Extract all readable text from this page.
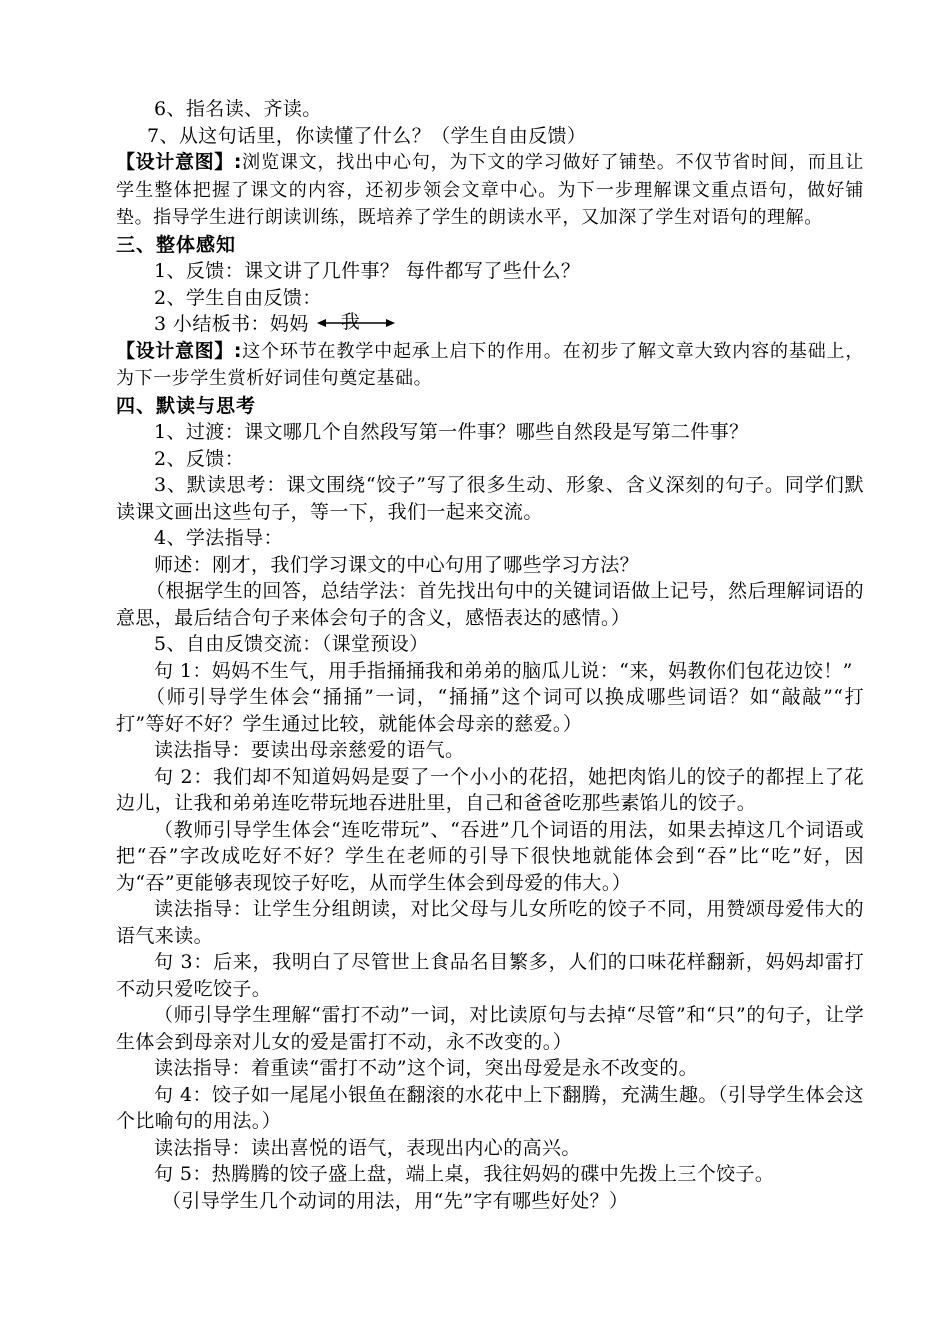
6、指名读、齐读。

7、从这句话里，你读懂了什么？（学生自由反馈）

【设计意图】:浏览课文，找出中心句，为下文的学习做好了铺垫。不仅节省时间，而且让学生整体把握了课文的内容，还初步领会文章中心。为下一步理解课文重点语句，做好铺垫。指导学生进行朗读训练，既培养了学生的朗读水平，又加深了学生对语句的理解。

三、整体感知

1、反馈：课文讲了几件事？ 每件都写了些什么？

2、学生自由反馈：

3 小结板书：妈妈 我

【设计意图】:这个环节在教学中起承上启下的作用。在初步了解文章大致内容的基础上，为下一步学生赏析好词佳句奠定基础。

四、默读与思考

1、过渡：课文哪几个自然段写第一件事？哪些自然段是写第二件事？

2、反馈：

3、默读思考：课文围绕“饺子”写了很多生动、形象、含义深刻的句子。同学们默读课文画出这些句子，等一下，我们一起来交流。

4、学法指导：

师述：刚才，我们学习课文的中心句用了哪些学习方法？

（根据学生的回答，总结学法：首先找出句中的关键词语做上记号，然后理解词语的意思，最后结合句子来体会句子的含义，感悟表达的感情。）

5、自由反馈交流：（课堂预设）

句 1：妈妈不生气，用手指捅捅我和弟弟的脑瓜儿说：“来，妈教你们包花边饺！”

（师引导学生体会“捅捅”一词，“捅捅”这个词可以换成哪些词语？如“敲敲”“打打”等好不好？学生通过比较，就能体会母亲的慈爱。）

读法指导：要读出母亲慈爱的语气。

句 2：我们却不知道妈妈是耍了一个小小的花招，她把肉馅儿的饺子的都捏上了花边儿，让我和弟弟连吃带玩地吞进肚里，自己和爸爸吃那些素馅儿的饺子。

（教师引导学生体会“连吃带玩”、“吞进”几个词语的用法，如果去掉这几个词语或把“吞”字改成吃好不好？学生在老师的引导下很快地就能体会到“吞”比“吃”好，因为“吞”更能够表现饺子好吃，从而学生体会到母爱的伟大。）

读法指导：让学生分组朗读，对比父母与儿女所吃的饺子不同，用赞颂母爱伟大的语气来读。

句 3：后来，我明白了尽管世上食品名目繁多，人们的口味花样翻新，妈妈却雷打不动只爱吃饺子。

（师引导学生理解“雷打不动”一词，对比读原句与去掉“尽管”和“只”的句子，让学生体会到母亲对儿女的爱是雷打不动，永不改变的。）

读法指导：着重读“雷打不动”这个词，突出母爱是永不改变的。

句 4：饺子如一尾尾小银鱼在翻滚的水花中上下翻腾，充满生趣。（引导学生体会这个比喻句的用法。）

读法指导：读出喜悦的语气，表现出内心的高兴。

句 5：热腾腾的饺子盛上盘，端上桌，我往妈妈的碟中先拨上三个饺子。

（引导学生几个动词的用法，用“先”字有哪些好处？）
